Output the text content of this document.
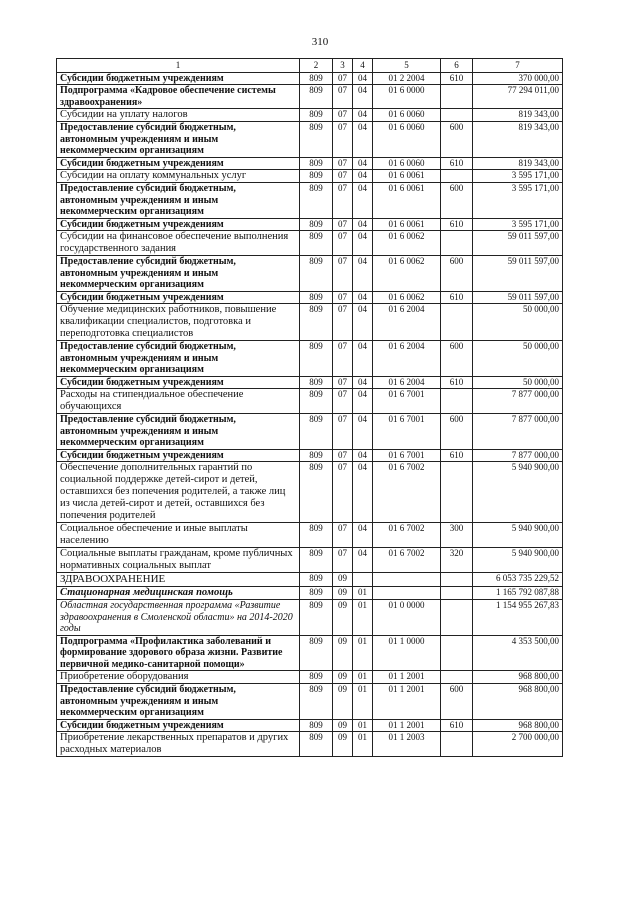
310
1	2	3	4	5	6	7
Субсидии бюджетным учреждениям	809	07	04	01 2 2004	610	370 000,00
Подпрограмма «Кадровое обеспечение системы здравоохранения»	809	07	04	01 6 0000		77 294 011,00
Субсидии на уплату налогов	809	07	04	01 6 0060		819 343,00
Предоставление субсидий бюджетным, автономным учреждениям и иным некоммерческим организациям	809	07	04	01 6 0060	600	819 343,00
Субсидии бюджетным учреждениям	809	07	04	01 6 0060	610	819 343,00
Субсидии на оплату коммунальных услуг	809	07	04	01 6 0061		3 595 171,00
Предоставление субсидий бюджетным, автономным учреждениям и иным некоммерческим организациям	809	07	04	01 6 0061	600	3 595 171,00
Субсидии бюджетным учреждениям	809	07	04	01 6 0061	610	3 595 171,00
Субсидии на финансовое обеспечение выполнения государственного задания	809	07	04	01 6 0062		59 011 597,00
Предоставление субсидий бюджетным, автономным учреждениям и иным некоммерческим организациям	809	07	04	01 6 0062	600	59 011 597,00
Субсидии бюджетным учреждениям	809	07	04	01 6 0062	610	59 011 597,00
Обучение медицинских работников, повышение квалификации специалистов, подготовка и переподготовка специалистов	809	07	04	01 6 2004		50 000,00
Предоставление субсидий бюджетным, автономным учреждениям и иным некоммерческим организациям	809	07	04	01 6 2004	600	50 000,00
Субсидии бюджетным учреждениям	809	07	04	01 6 2004	610	50 000,00
Расходы на стипендиальное обеспечение обучающихся	809	07	04	01 6 7001		7 877 000,00
Предоставление субсидий бюджетным, автономным учреждениям и иным некоммерческим организациям	809	07	04	01 6 7001	600	7 877 000,00
Субсидии бюджетным учреждениям	809	07	04	01 6 7001	610	7 877 000,00
Обеспечение дополнительных гарантий по социальной поддержке детей-сирот и детей, оставшихся без попечения родителей, а также лиц из числа детей-сирот и детей, оставшихся без попечения родителей	809	07	04	01 6 7002		5 940 900,00
Социальное обеспечение и иные выплаты населению	809	07	04	01 6 7002	300	5 940 900,00
Социальные выплаты гражданам, кроме публичных нормативных социальных выплат	809	07	04	01 6 7002	320	5 940 900,00
ЗДРАВООХРАНЕНИЕ	809	09				6 053 735 229,52
Стационарная медицинская помощь	809	09	01			1 165 792 087,88
Областная государственная программа «Развитие здравоохранения в Смоленской области» на 2014-2020 годы	809	09	01	01 0 0000		1 154 955 267,83
Подпрограмма «Профилактика заболеваний и формирование здорового образа жизни. Развитие первичной медико-санитарной помощи»	809	09	01	01 1 0000		4 353 500,00
Приобретение оборудования	809	09	01	01 1 2001		968 800,00
Предоставление субсидий бюджетным, автономным учреждениям и иным некоммерческим организациям	809	09	01	01 1 2001	600	968 800,00
Субсидии бюджетным учреждениям	809	09	01	01 1 2001	610	968 800,00
Приобретение лекарственных препаратов и других расходных материалов	809	09	01	01 1 2003		2 700 000,00
